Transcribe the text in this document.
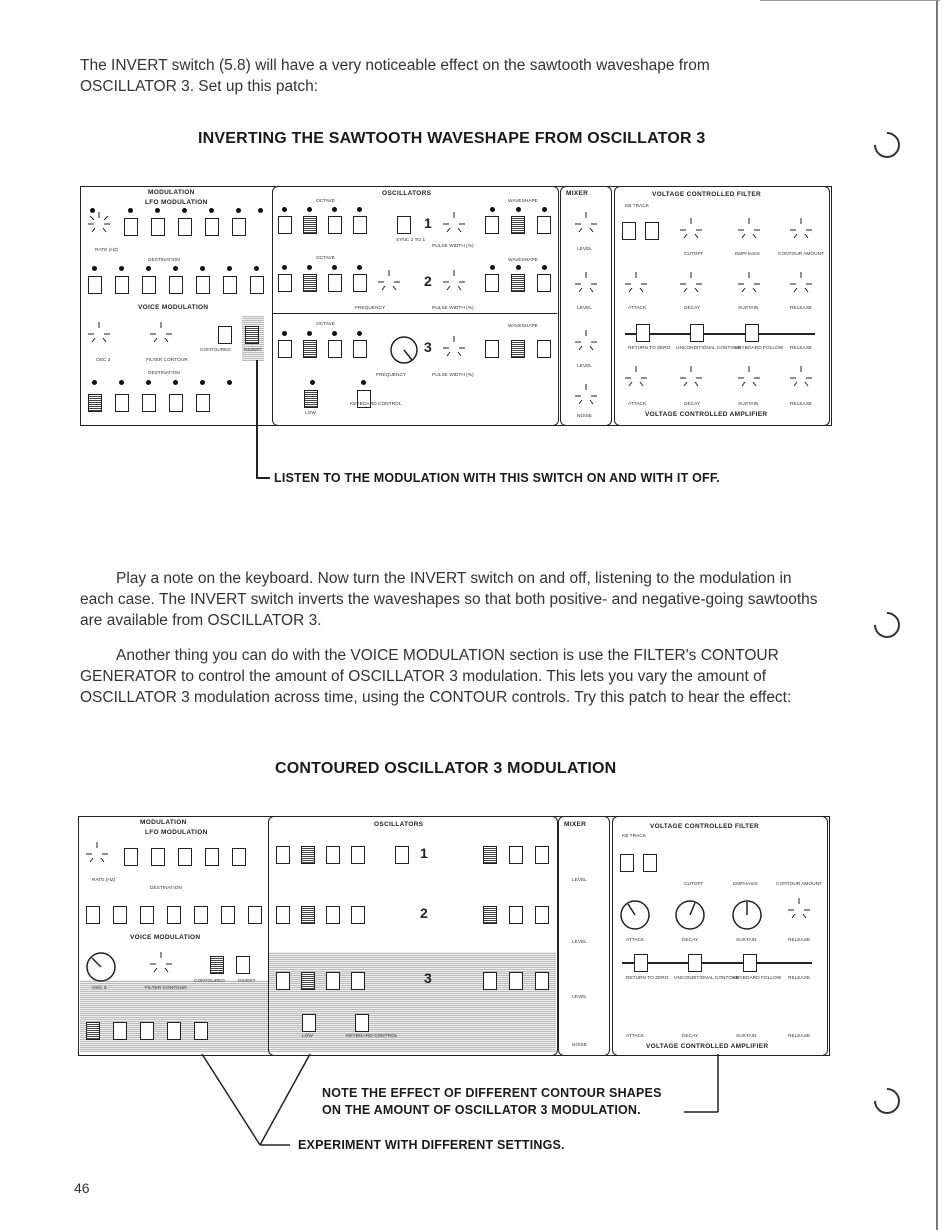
The INVERT switch (5.8) will have a very noticeable effect on the sawtooth waveshape from OSCILLATOR 3. Set up this patch:
INVERTING THE SAWTOOTH WAVESHAPE FROM OSCILLATOR 3
MODULATION
LFO MODULATION
RATE (HZ)
DESTINATION
VOICE MODULATION
OSC 2	FILTER CONTOUR
CONTOURED	INVERT
DESTINATION
OSCILLATORS
OCTAVE	WAVESHAPE
1
SYNC 2 TO 1
PULSE WIDTH (%)
OCTAVE	WAVESHAPE
2
FREQUENCY	PULSE WIDTH (%)
OCTAVE	WAVESHAPE
3
FREQUENCY	PULSE WIDTH (%)
LOW
KEYBOARD CONTROL
MIXER
LEVEL
LEVEL
LEVEL
NOISE
VOLTAGE CONTROLLED FILTER
KB TRACK
CUTOFF	EMPHASIS	CONTOUR AMOUNT
ATTACK	DECAY	SUSTAIN	RELEASE
RETURN TO ZERO UNCONDITIONAL CONTOUR
KEYBOARD FOLLOW RELEASE
ATTACK	DECAY	SUSTAIN	RELEASE
VOLTAGE CONTROLLED AMPLIFIER
LISTEN TO THE MODULATION WITH THIS SWITCH ON AND WITH IT OFF.
Play a note on the keyboard. Now turn the INVERT switch on and off, listening to the modulation in each case. The INVERT switch inverts the waveshapes so that both positive- and negative-going sawtooths are available from OSCILLATOR 3.
Another thing you can do with the VOICE MODULATION section is use the FILTER's CONTOUR GENERATOR to control the amount of OSCILLATOR 3 modulation. This lets you vary the amount of OSCILLATOR 3 modulation across time, using the CONTOUR controls. Try this patch to hear the effect:
CONTOURED OSCILLATOR 3 MODULATION
MODULATION
LFO MODULATION
RATE (HZ)
DESTINATION
VOICE MODULATION
OSC 3	FILTER CONTOUR
CONTOURED	INVERT
OSCILLATORS
1
2
3
LOW	KEYBOARD CONTROL
MIXER
LEVEL
LEVEL
LEVEL
NOISE
VOLTAGE CONTROLLED FILTER
KB TRACK
CUTOFF	EMPHASIS	CONTOUR AMOUNT
ATTACK	DECAY	SUSTAIN	RELEASE
RETURN TO ZERO UNCONDITIONAL CONTOUR
KEYBOARD FOLLOW RELEASE
ATTACK	DECAY	SUSTAIN	RELEASE
VOLTAGE CONTROLLED AMPLIFIER
NOTE THE EFFECT OF DIFFERENT CONTOUR SHAPES
ON THE AMOUNT OF OSCILLATOR 3 MODULATION.
EXPERIMENT WITH DIFFERENT SETTINGS.
46
